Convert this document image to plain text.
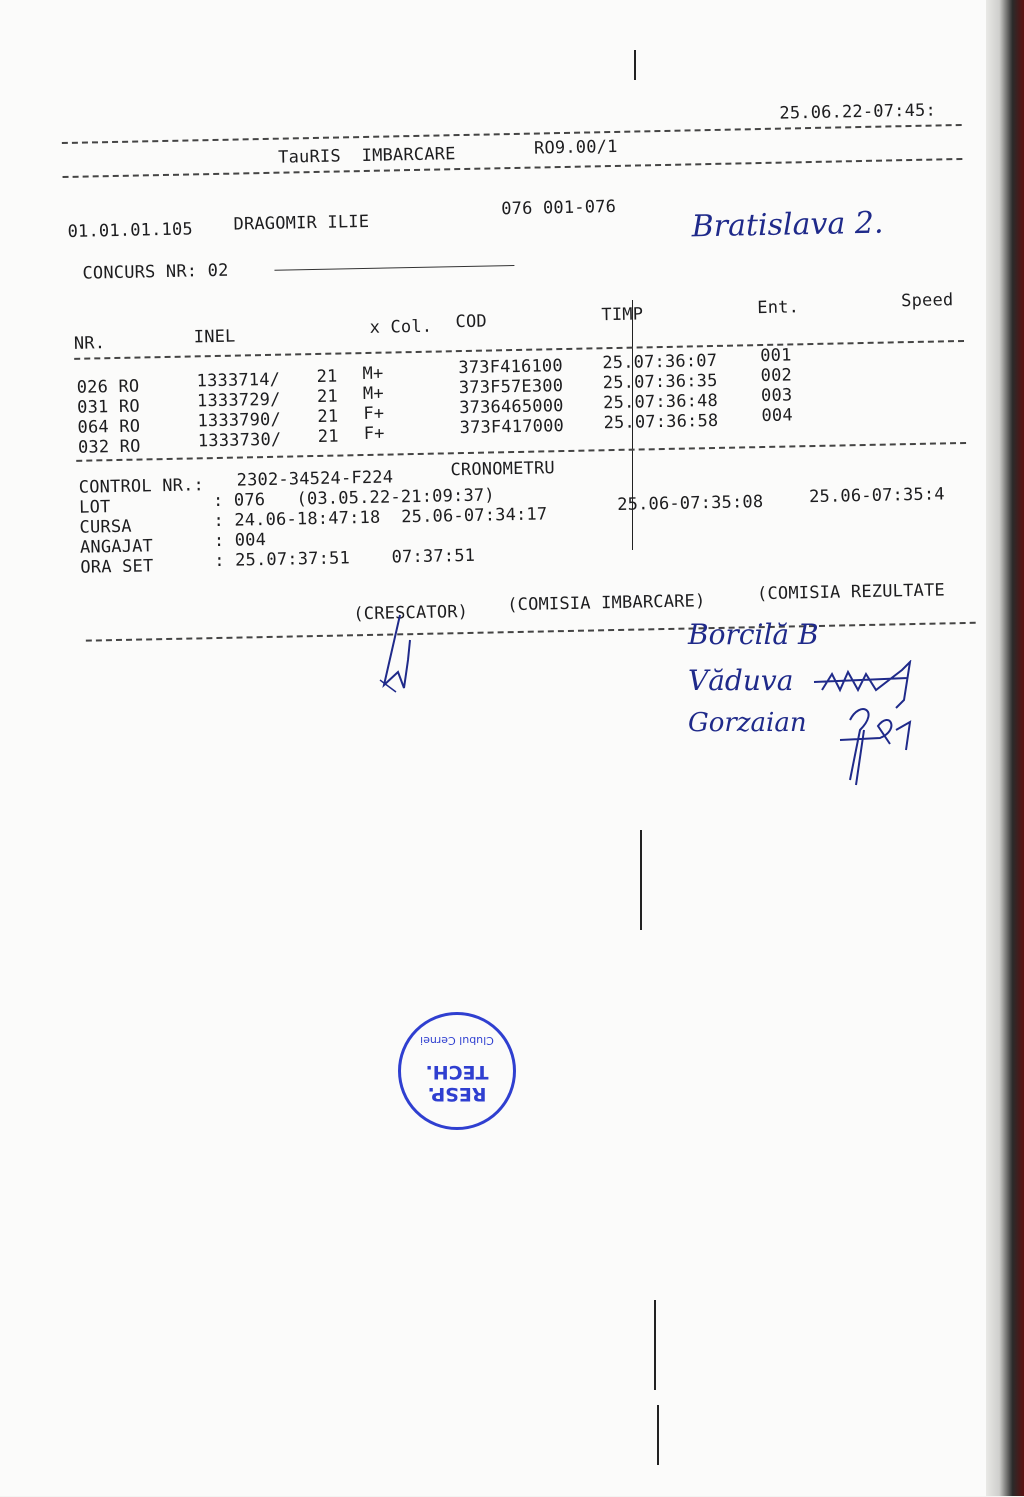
25.06.22-07:45:
TauRIS  IMBARCARE	RO9.00/1
01.01.01.105 DRAGOMIR ILIE
076 001-076	Bratislava 2.
CONCURS NR: 02
NR.	INEL	x Col. COD	TIMP	Ent.	Speed
026 RO	1333714/ 21 M+	373F416100 25.07:36:07	001
031 RO	1333729/ 21 M+	373F57E300 25.07:36:35	002
064 RO	1333790/ 21 F+	3736465000 25.07:36:48	003
032 RO	1333730/ 21 F+	373F417000 25.07:36:58	004
CONTROL NR.: 2302-34524-F224	CRONOMETRU
LOT	: 076   (03.05.22-21:09:37)
CURSA	: 24.06-18:47:18  25.06-07:34:17
25.06-07:35:08	25.06-07:35:4
ANGAJAT	: 004
ORA SET	: 25.07:37:51    07:37:51
(CRESCATOR) (COMISIA IMBARCARE)	(COMISIA REZULTATE
Borcilă B
Văduva
Gorzaian
RESP.
TECH.
Clubul Cernei
